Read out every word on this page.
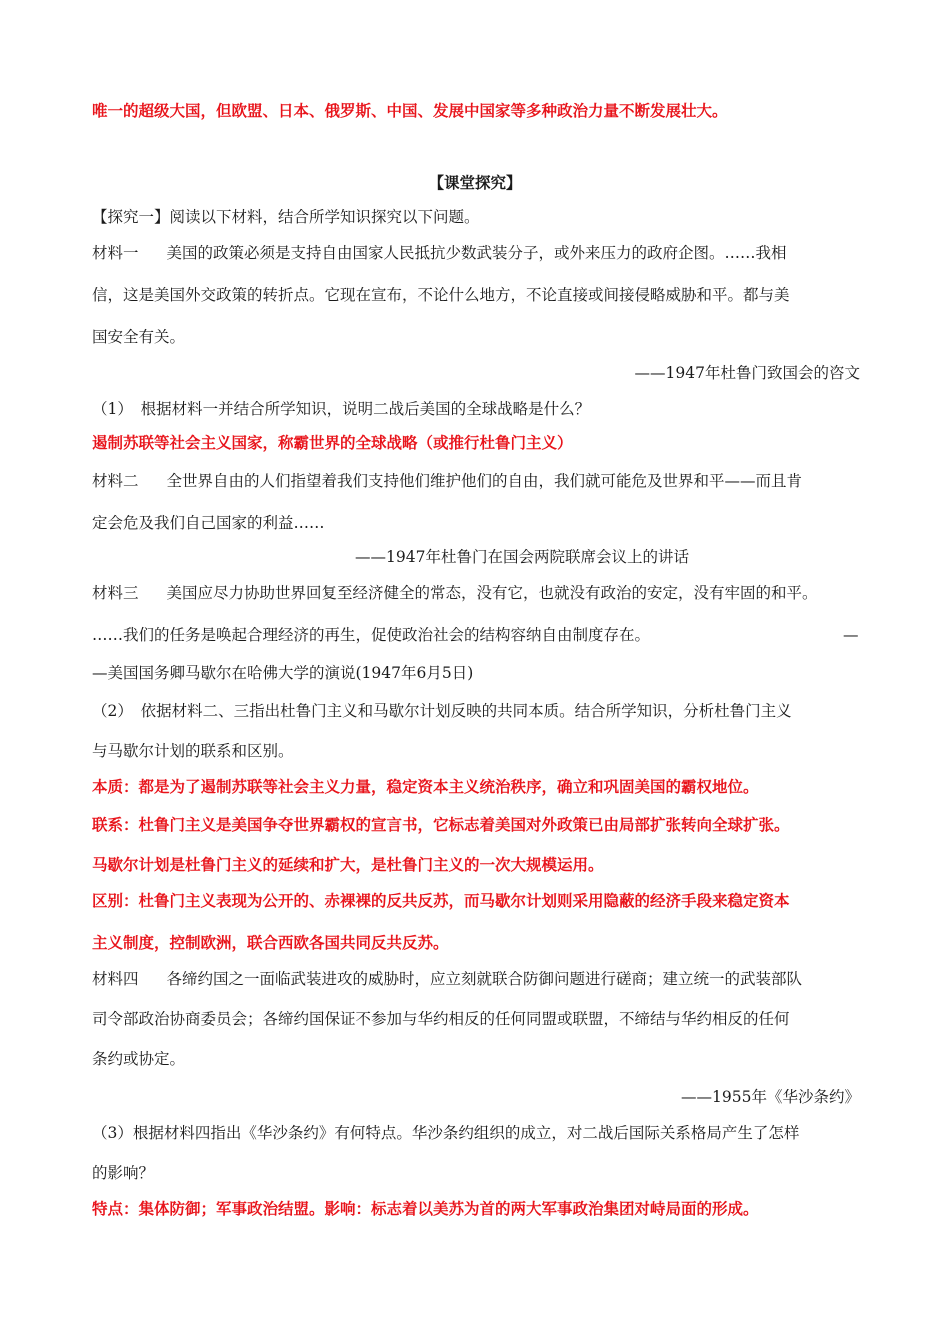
唯一的超级大国，但欧盟、日本、俄罗斯、中国、发展中国家等多种政治力量不断发展壮大。
【课堂探究】
【探究一】阅读以下材料，结合所学知识探究以下问题。
材料一 美国的政策必须是支持自由国家人民抵抗少数武装分子，或外来压力的政府企图。……我相
信，这是美国外交政策的转折点。它现在宣布，不论什么地方，不论直接或间接侵略威胁和平。都与美
国安全有关。
——1947年杜鲁门致国会的咨文
（1）　根据材料一并结合所学知识，说明二战后美国的全球战略是什么？
遏制苏联等社会主义国家，称霸世界的全球战略（或推行杜鲁门主义）
材料二 全世界自由的人们指望着我们支持他们维护他们的自由，我们就可能危及世界和平——而且肯
定会危及我们自己国家的利益……
——1947年杜鲁门在国会两院联席会议上的讲话
材料三 美国应尽力协助世界回复至经济健全的常态，没有它，也就没有政治的安定，没有牢固的和平。
……我们的任务是唤起合理经济的再生，促使政治社会的结构容纳自由制度存在。	—
—美国国务卿马歇尔在哈佛大学的演说(1947年6月5日)
（2）　依据材料二、三指出杜鲁门主义和马歇尔计划反映的共同本质。结合所学知识，分析杜鲁门主义
与马歇尔计划的联系和区别。
本质：都是为了遏制苏联等社会主义力量，稳定资本主义统治秩序，确立和巩固美国的霸权地位。
联系：杜鲁门主义是美国争夺世界霸权的宣言书，它标志着美国对外政策已由局部扩张转向全球扩张。
马歇尔计划是杜鲁门主义的延续和扩大，是杜鲁门主义的一次大规模运用。
区别：杜鲁门主义表现为公开的、赤裸裸的反共反苏，而马歇尔计划则采用隐蔽的经济手段来稳定资本
主义制度，控制欧洲，联合西欧各国共同反共反苏。
材料四 各缔约国之一面临武装进攻的威胁时，应立刻就联合防御问题进行磋商；建立统一的武装部队
司令部政治协商委员会；各缔约国保证不参加与华约相反的任何同盟或联盟，不缔结与华约相反的任何
条约或协定。
——1955年《华沙条约》
（3）根据材料四指出《华沙条约》有何特点。华沙条约组织的成立，对二战后国际关系格局产生了怎样
的影响？
特点：集体防御；军事政治结盟。影响：标志着以美苏为首的两大军事政治集团对峙局面的形成。
